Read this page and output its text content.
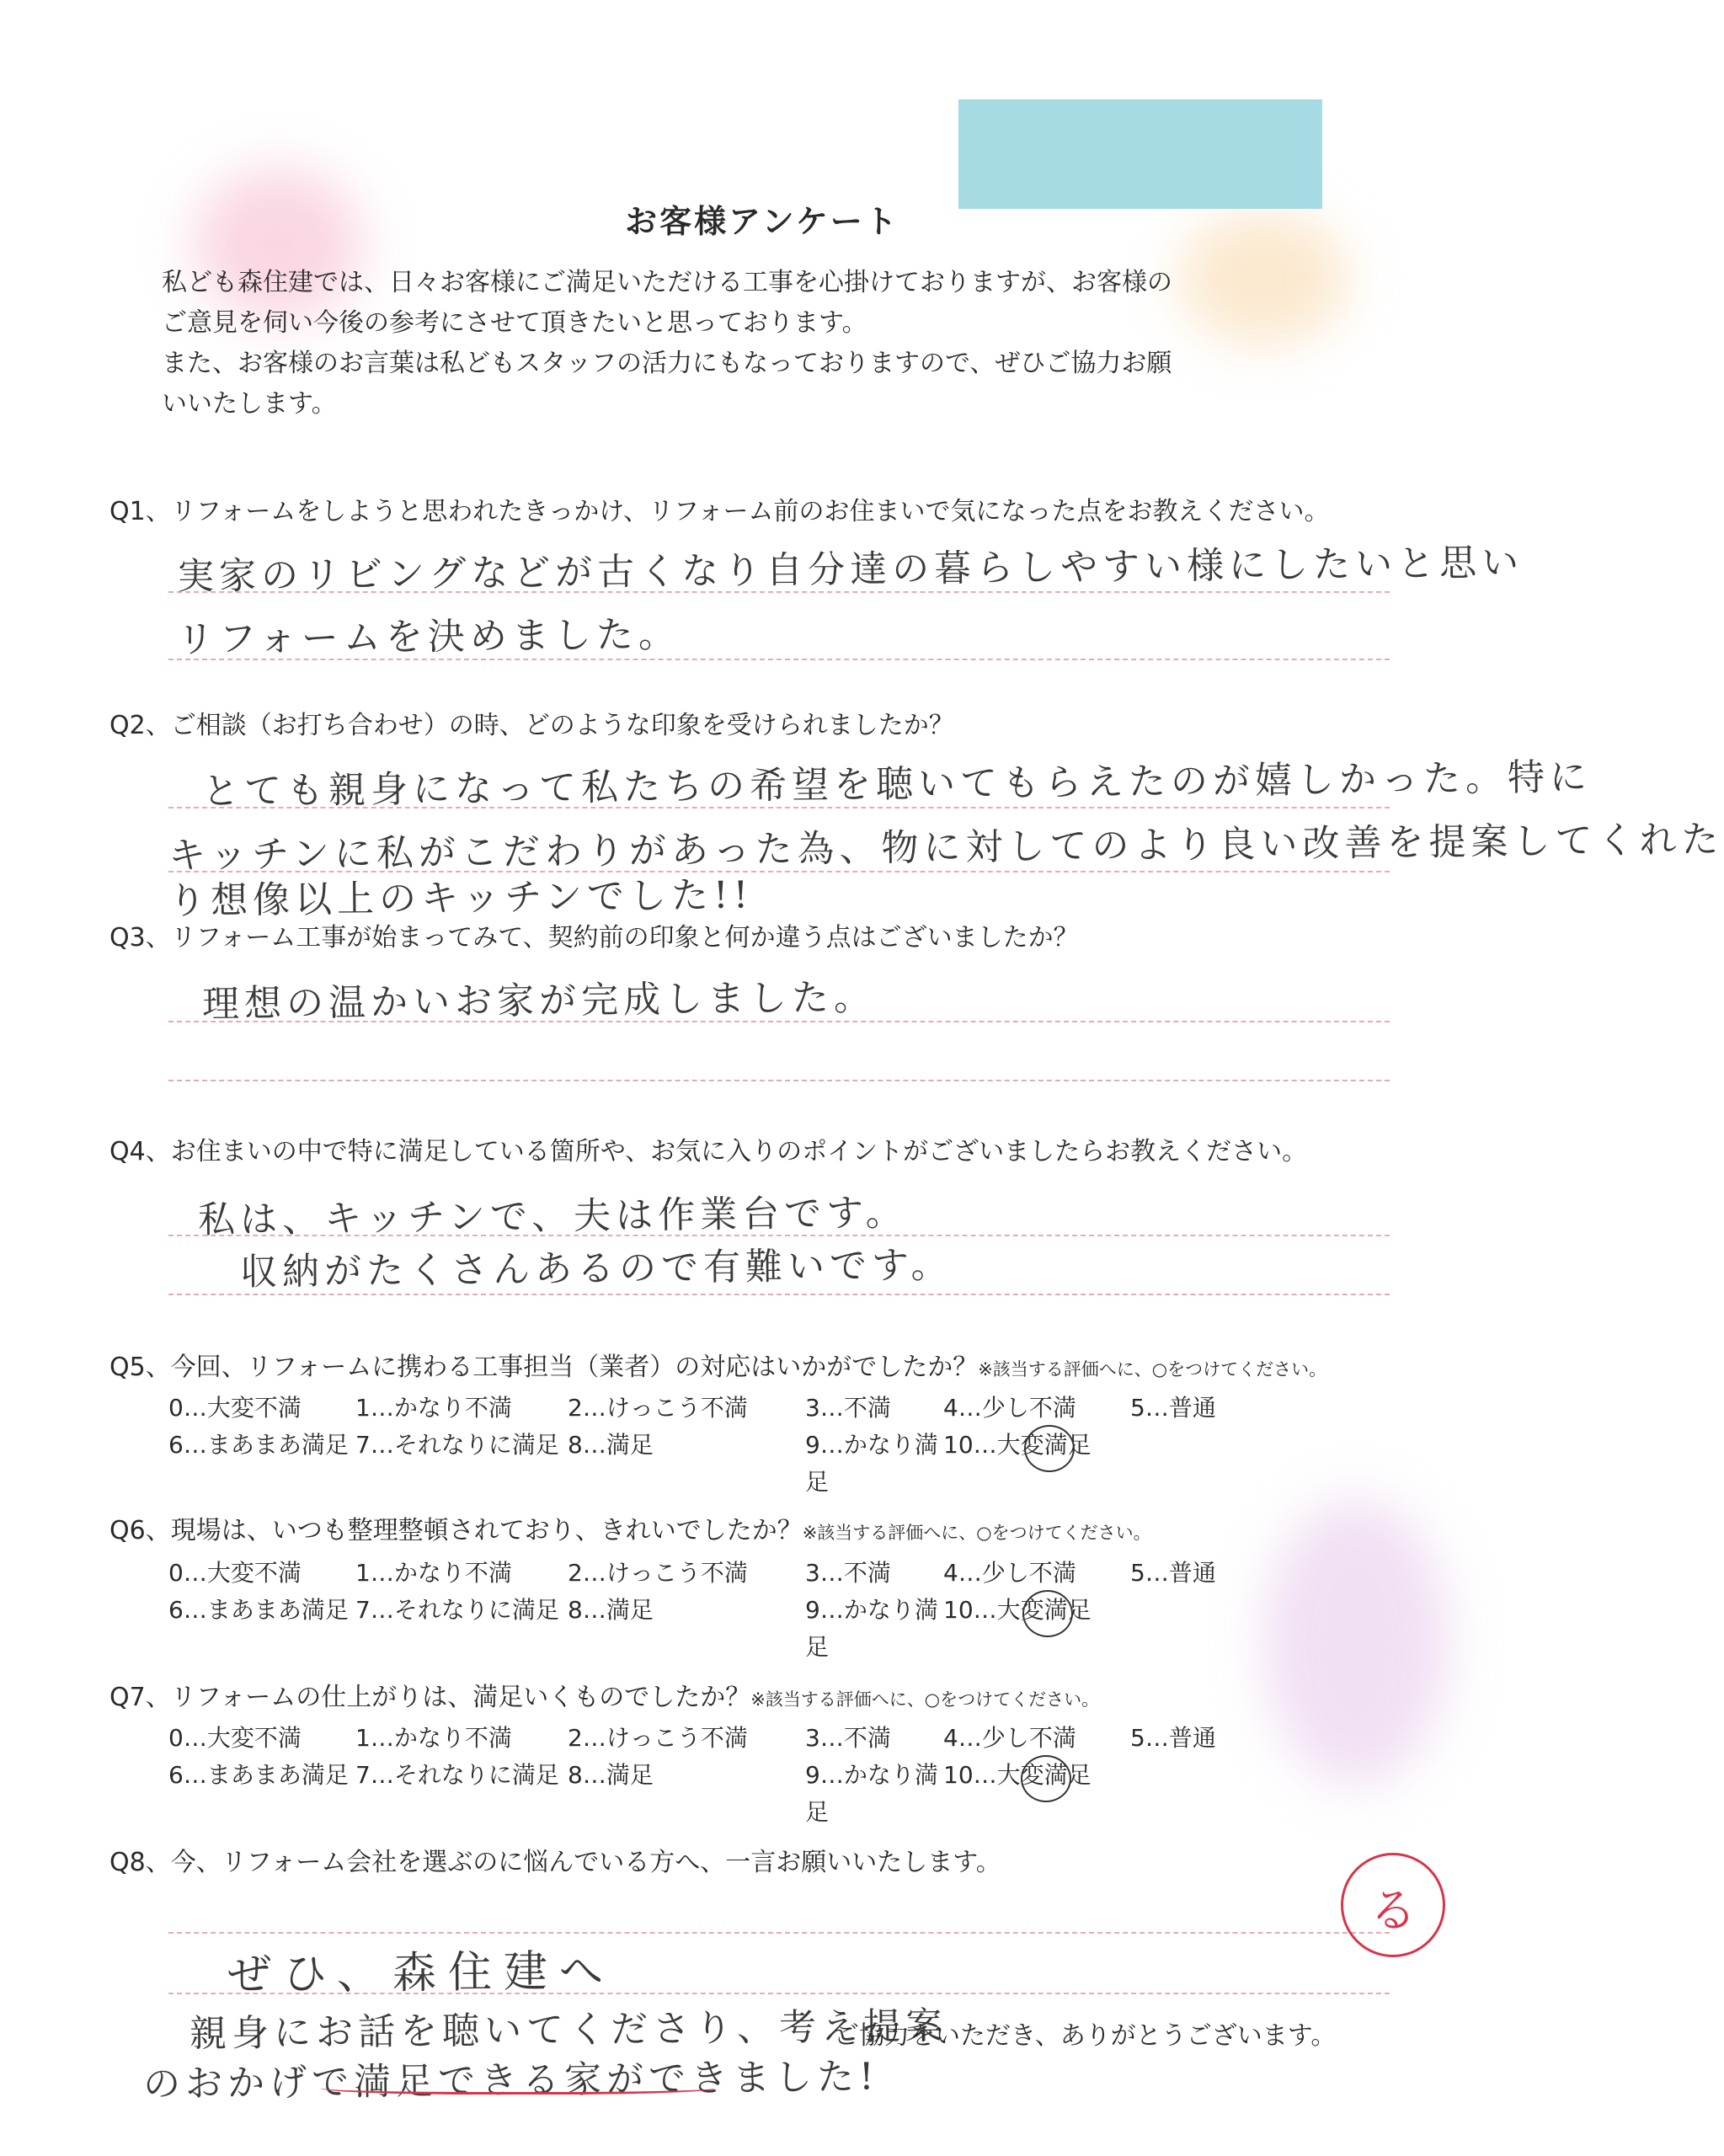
お客様アンケート
私ども森住建では、日々お客様にご満足いただける工事を心掛けておりますが、お客様の
ご意見を伺い今後の参考にさせて頂きたいと思っております。
また、お客様のお言葉は私どもスタッフの活力にもなっておりますので、ぜひご協力お願
いいたします。
Q1、リフォームをしようと思われたきっかけ、リフォーム前のお住まいで気になった点をお教えください。
実家のリビングなどが古くなり自分達の暮らしやすい様にしたいと思い
リフォームを決めました。
Q2、ご相談（お打ち合わせ）の時、どのような印象を受けられましたか？
とても親身になって私たちの希望を聴いてもらえたのが嬉しかった。特に
キッチンに私がこだわりがあった為、物に対してのより良い改善を提案してくれた
り想像以上のキッチンでした!!
Q3、リフォーム工事が始まってみて、契約前の印象と何か違う点はございましたか？
理想の温かいお家が完成しました。
Q4、お住まいの中で特に満足している箇所や、お気に入りのポイントがございましたらお教えください。
私は、キッチンで、夫は作業台です。
収納がたくさんあるので有難いです。
Q5、今回、リフォームに携わる工事担当（業者）の対応はいかがでしたか？※該当する評価へに、○をつけてください。
0…大変不満	1…かなり不満	2…けっこう不満	3…不満	4…少し不満	5…普通
6…まあまあ満足 7…それなりに満足 8…満足	9…かなり満足
10…大変満足
Q6、現場は、いつも整理整頓されており、きれいでしたか？※該当する評価へに、○をつけてください。
0…大変不満	1…かなり不満	2…けっこう不満	3…不満	4…少し不満	5…普通
6…まあまあ満足 7…それなりに満足 8…満足	9…かなり満足
10…大変満足
Q7、リフォームの仕上がりは、満足いくものでしたか？※該当する評価へに、○をつけてください。
0…大変不満	1…かなり不満	2…けっこう不満	3…不満	4…少し不満	5…普通
6…まあまあ満足 7…それなりに満足 8…満足	9…かなり満足
10…大変満足
Q8、今、リフォーム会社を選ぶのに悩んでいる方へ、一言お願いいたします。
ぜひ、森住建へ
親身にお話を聴いてくださり、考え提案
のおかげで満足できる家ができました!
ご協力をいただき、ありがとうございます。
る
